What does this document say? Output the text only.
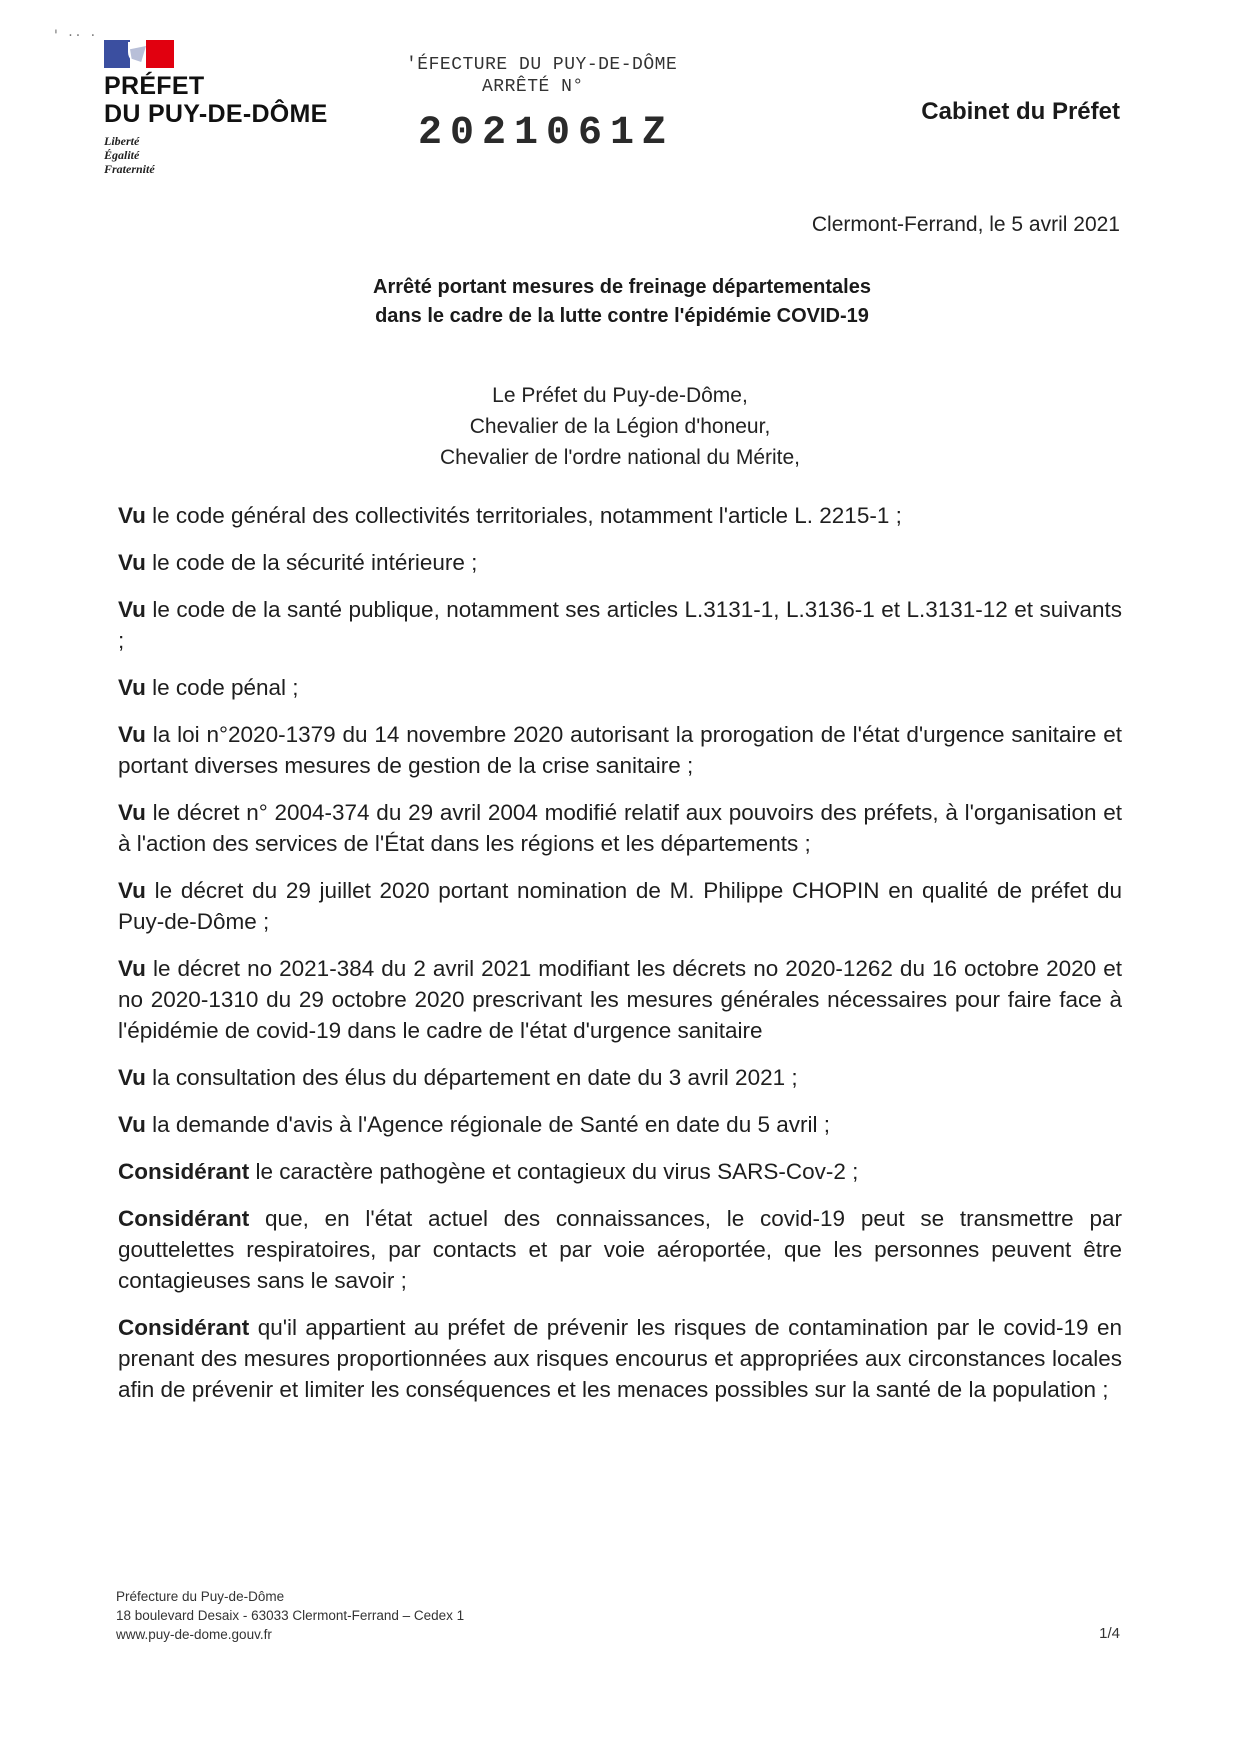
' ·· ·
PRÉFET
DU PUY-DE-DÔME
Liberté
Égalité
Fraternité
'ÉFECTURE DU PUY-DE-DÔME
ARRÊTÉ N°
2021061Z	Cabinet du Préfet
Clermont-Ferrand, le 5 avril 2021
Arrêté portant mesures de freinage départementales
dans le cadre de la lutte contre l'épidémie COVID-19
Le Préfet du Puy-de-Dôme,
Chevalier de la Légion d'honeur,
Chevalier de l'ordre national du Mérite,

Vu le code général des collectivités territoriales, notamment l'article L. 2215-1 ;

Vu le code de la sécurité intérieure ;

Vu le code de la santé publique, notamment ses articles L.3131-1, L.3136-1 et L.3131-12 et suivants ;

Vu le code pénal ;

Vu la loi n°2020-1379 du 14 novembre 2020 autorisant la prorogation de l'état d'urgence sanitaire et portant diverses mesures de gestion de la crise sanitaire ;

Vu le décret n° 2004-374 du 29 avril 2004 modifié relatif aux pouvoirs des préfets, à l'organisation et à l'action des services de l'État dans les régions et les départements ;

Vu le décret du 29 juillet 2020 portant nomination de M. Philippe CHOPIN en qualité de préfet du Puy-de-Dôme ;

Vu le décret no 2021-384 du 2 avril 2021 modifiant les décrets no 2020-1262 du 16 octobre 2020 et no 2020-1310 du 29 octobre 2020 prescrivant les mesures générales nécessaires pour faire face à l'épidémie de covid-19 dans le cadre de l'état d'urgence sanitaire

Vu la consultation des élus du département en date du 3 avril 2021 ;

Vu la demande d'avis à l'Agence régionale de Santé en date du 5 avril ;

Considérant le caractère pathogène et contagieux du virus SARS-Cov-2 ;

Considérant que, en l'état actuel des connaissances, le covid-19 peut se transmettre par gouttelettes respiratoires, par contacts et par voie aéroportée, que les personnes peuvent être contagieuses sans le savoir ;

Considérant qu'il appartient au préfet de prévenir les risques de contamination par le covid-19 en prenant des mesures proportionnées aux risques encourus et appropriées aux circonstances locales afin de prévenir et limiter les conséquences et les menaces possibles sur la santé de la population ;

Préfecture du Puy-de-Dôme
18 boulevard Desaix - 63033 Clermont-Ferrand – Cedex 1
www.puy-de-dome.gouv.fr	1/4
